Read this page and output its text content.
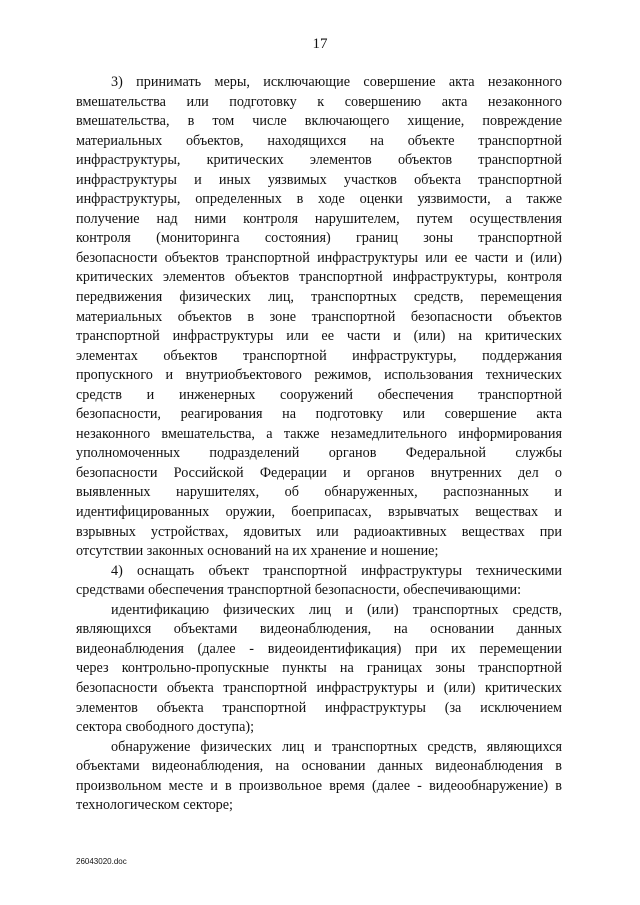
17
3) принимать меры, исключающие совершение акта незаконного
вмешательства или подготовку к совершению акта незаконного
вмешательства, в том числе включающего хищение, повреждение
материальных объектов, находящихся на объекте транспортной
инфраструктуры, критических элементов объектов транспортной
инфраструктуры и иных уязвимых участков объекта транспортной
инфраструктуры, определенных в ходе оценки уязвимости, а также
получение над ними контроля нарушителем, путем осуществления
контроля (мониторинга состояния) границ зоны транспортной
безопасности объектов транспортной инфраструктуры или ее части и (или)
критических элементов объектов транспортной инфраструктуры, контроля
передвижения физических лиц, транспортных средств, перемещения
материальных объектов в зоне транспортной безопасности объектов
транспортной инфраструктуры или ее части и (или) на критических
элементах объектов транспортной инфраструктуры, поддержания
пропускного и внутриобъектового режимов, использования технических
средств и инженерных сооружений обеспечения транспортной
безопасности, реагирования на подготовку или совершение акта
незаконного вмешательства, а также незамедлительного информирования
уполномоченных подразделений органов Федеральной службы
безопасности Российской Федерации и органов внутренних дел о
выявленных нарушителях, об обнаруженных, распознанных и
идентифицированных оружии, боеприпасах, взрывчатых веществах и
взрывных устройствах, ядовитых или радиоактивных веществах при
отсутствии законных оснований на их хранение и ношение;
4) оснащать объект транспортной инфраструктуры техническими
средствами обеспечения транспортной безопасности, обеспечивающими:
идентификацию физических лиц и (или) транспортных средств,
являющихся объектами видеонаблюдения, на основании данных
видеонаблюдения (далее - видеоидентификация) при их перемещении
через контрольно-пропускные пункты на границах зоны транспортной
безопасности объекта транспортной инфраструктуры и (или) критических
элементов объекта транспортной инфраструктуры (за исключением
сектора свободного доступа);
обнаружение физических лиц и транспортных средств, являющихся
объектами видеонаблюдения, на основании данных видеонаблюдения в
произвольном месте и в произвольное время (далее - видеообнаружение) в
технологическом секторе;
26043020.doc
